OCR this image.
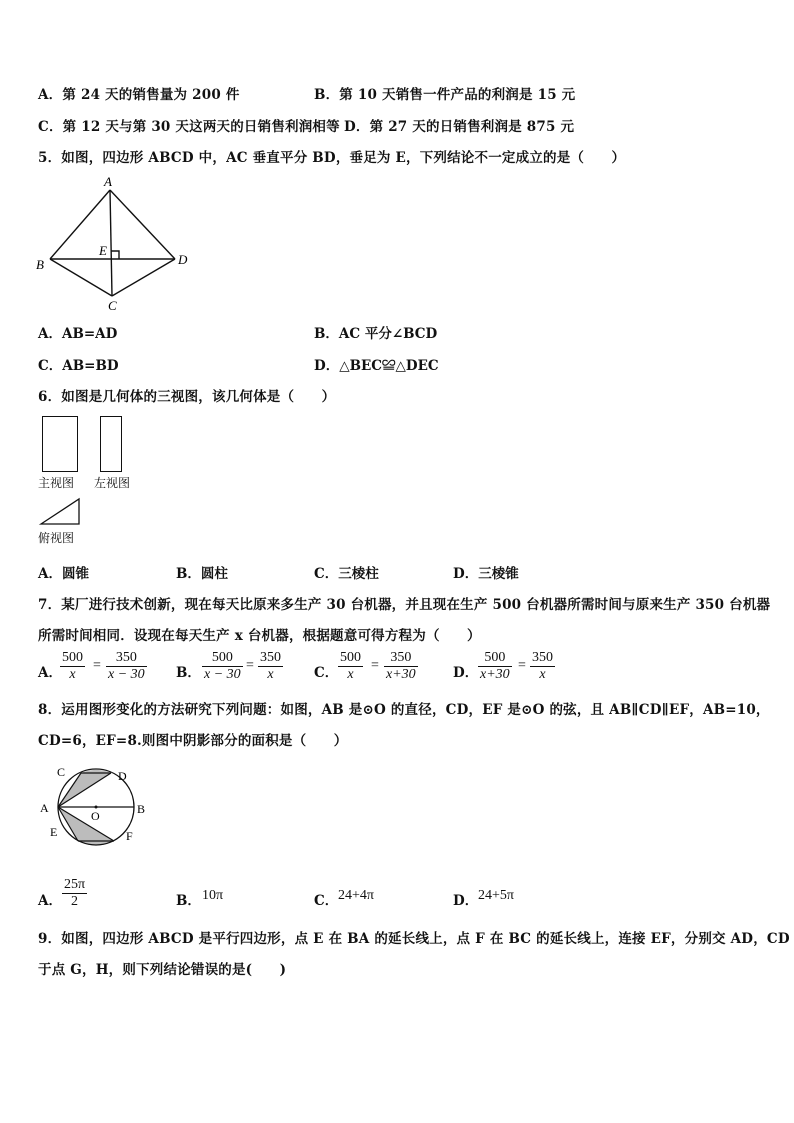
A．第 24 天的销售量为 200 件	B．第 10 天销售一件产品的利润是 15 元
C．第 12 天与第 30 天这两天的日销售利润相等 D．第 27 天的日销售利润是 875 元
5．如图，四边形 ABCD 中，AC 垂直平分 BD，垂足为 E，下列结论不一定成立的是（　　）
A
B
C
D
E
A．AB=AD	B．AC 平分∠BCD
C．AB=BD	D．△BEC≌△DEC
6．如图是几何体的三视图，该几何体是（　　）
主视图 左视图
俯视图
A．圆锥	B．圆柱	C．三棱柱	D．三棱锥
7．某厂进行技术创新，现在每天比原来多生产 30 台机器，并且现在生产 500 台机器所需时间与原来生产 350 台机器
所需时间相同．设现在每天生产 x 台机器，根据题意可得方程为（　　）
A．
$\frac{500}{x} = \frac{350}{x - 30}$ B． $\frac{500}{x - 30} = \frac{350}{x}$ C． $\frac{500}{x} = \frac{350}{x+30}$	D． $\frac{500}{x+30} = \frac{350}{x}$
8．运用图形变化的方法研究下列问题：如图，AB 是⊙O 的直径，CD，EF 是⊙O 的弦，且 AB∥CD∥EF，AB=10，
CD=6，EF=8.则图中阴影部分的面积是（　　）
C	D
A	B
O
E	F
A． $\frac{25\pi}{2}$	B． 10π	C． 24+4π	D． 24+5π
9．如图，四边形 ABCD 是平行四边形，点 E 在 BA 的延长线上，点 F 在 BC 的延长线上，连接 EF，分别交 AD，CD
于点 G，H，则下列结论错误的是(　　)
